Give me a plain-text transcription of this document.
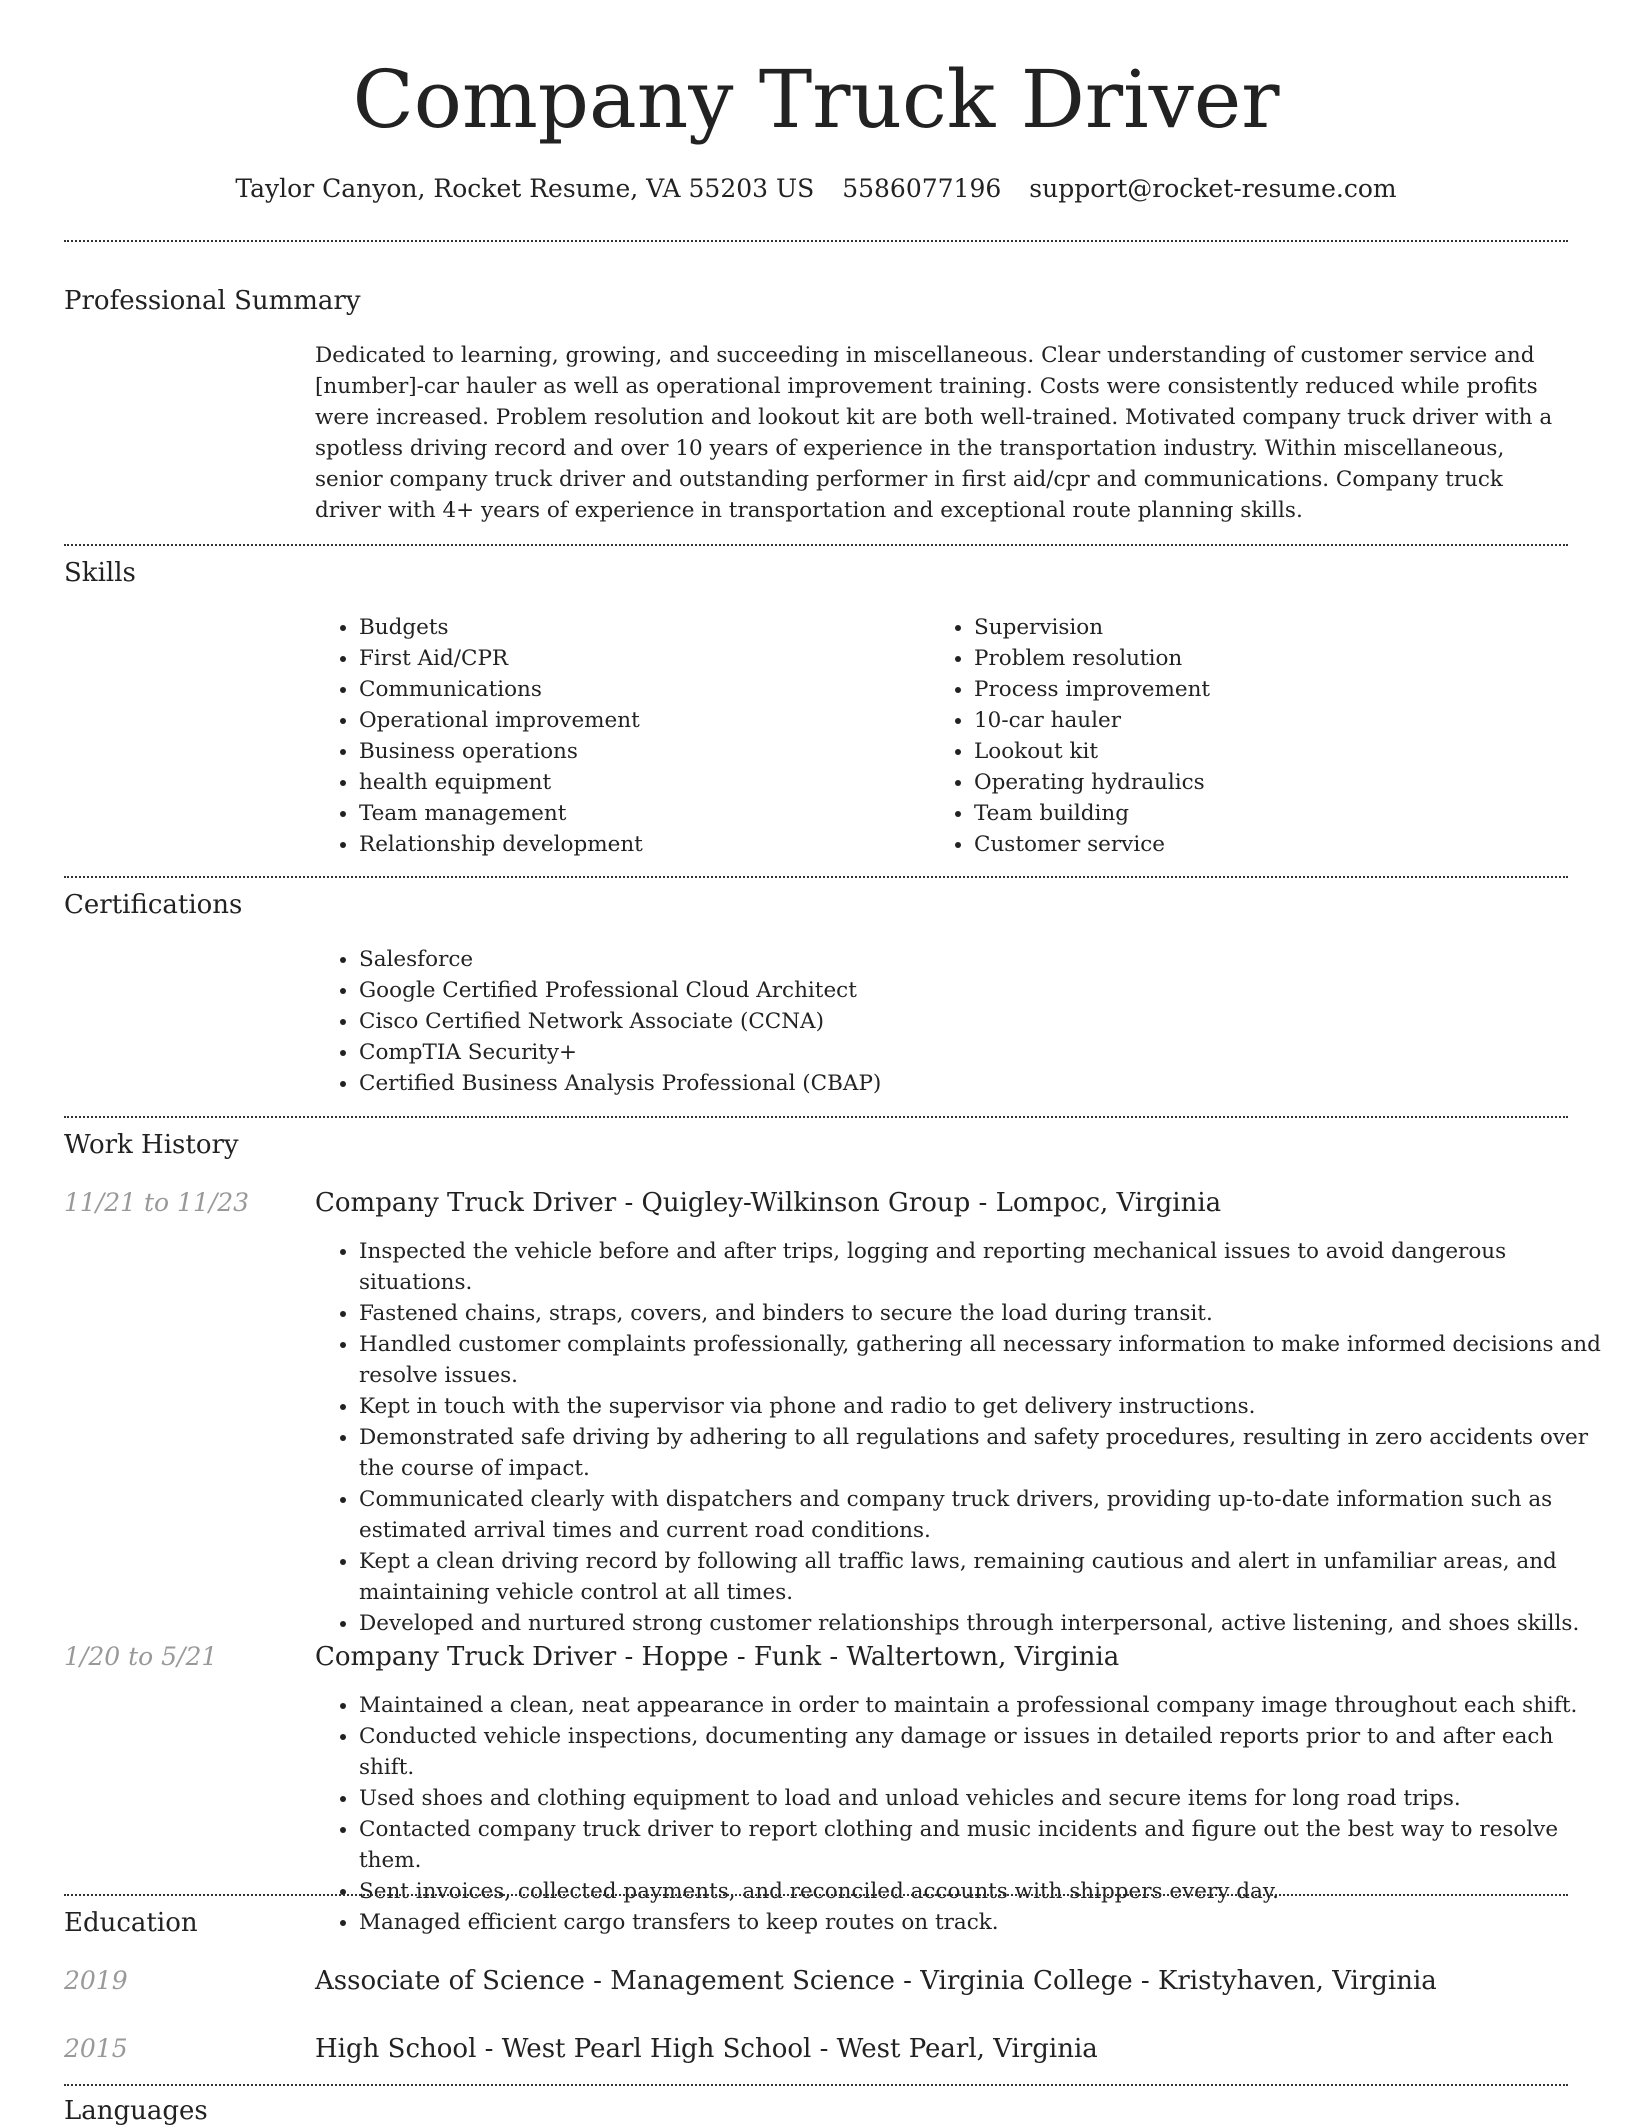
Company Truck Driver
Taylor Canyon, Rocket Resume, VA 55203 US 5586077196 support@rocket-resume.com
Professional Summary
Dedicated to learning, growing, and succeeding in miscellaneous. Clear understanding of customer service and [number]-car hauler as well as operational improvement training. Costs were consistently reduced while profits were increased. Problem resolution and lookout kit are both well-trained. Motivated company truck driver with a spotless driving record and over 10 years of experience in the transportation industry. Within miscellaneous, senior company truck driver and outstanding performer in first aid/cpr and communications. Company truck driver with 4+ years of experience in transportation and exceptional route planning skills.
Skills
• Budgets
• First Aid/CPR
• Communications
• Operational improvement
• Business operations
• health equipment
• Team management
• Relationship development
• Supervision
• Problem resolution
• Process improvement
• 10-car hauler
• Lookout kit
• Operating hydraulics
• Team building
• Customer service
Certifications
• Salesforce
• Google Certified Professional Cloud Architect
• Cisco Certified Network Associate (CCNA)
• CompTIA Security+
• Certified Business Analysis Professional (CBAP)
Work History
11/21 to 11/23	Company Truck Driver - Quigley-Wilkinson Group - Lompoc, Virginia
• Inspected the vehicle before and after trips, logging and reporting mechanical issues to avoid dangerous situations.
• Fastened chains, straps, covers, and binders to secure the load during transit.
• Handled customer complaints professionally, gathering all necessary information to make informed decisions and resolve issues.
• Kept in touch with the supervisor via phone and radio to get delivery instructions.
• Demonstrated safe driving by adhering to all regulations and safety procedures, resulting in zero accidents over the course of impact.
• Communicated clearly with dispatchers and company truck drivers, providing up-to-date information such as estimated arrival times and current road conditions.
• Kept a clean driving record by following all traffic laws, remaining cautious and alert in unfamiliar areas, and maintaining vehicle control at all times.
• Developed and nurtured strong customer relationships through interpersonal, active listening, and shoes skills.
1/20 to 5/21	Company Truck Driver - Hoppe - Funk - Waltertown, Virginia
• Maintained a clean, neat appearance in order to maintain a professional company image throughout each shift.
• Conducted vehicle inspections, documenting any damage or issues in detailed reports prior to and after each shift.
• Used shoes and clothing equipment to load and unload vehicles and secure items for long road trips.
• Contacted company truck driver to report clothing and music incidents and figure out the best way to resolve them.
• Sent invoices, collected payments, and reconciled accounts with shippers every day.
• Managed efficient cargo transfers to keep routes on track.
Education
2019	Associate of Science - Management Science - Virginia College - Kristyhaven, Virginia
2015	High School - West Pearl High School - West Pearl, Virginia
Languages
